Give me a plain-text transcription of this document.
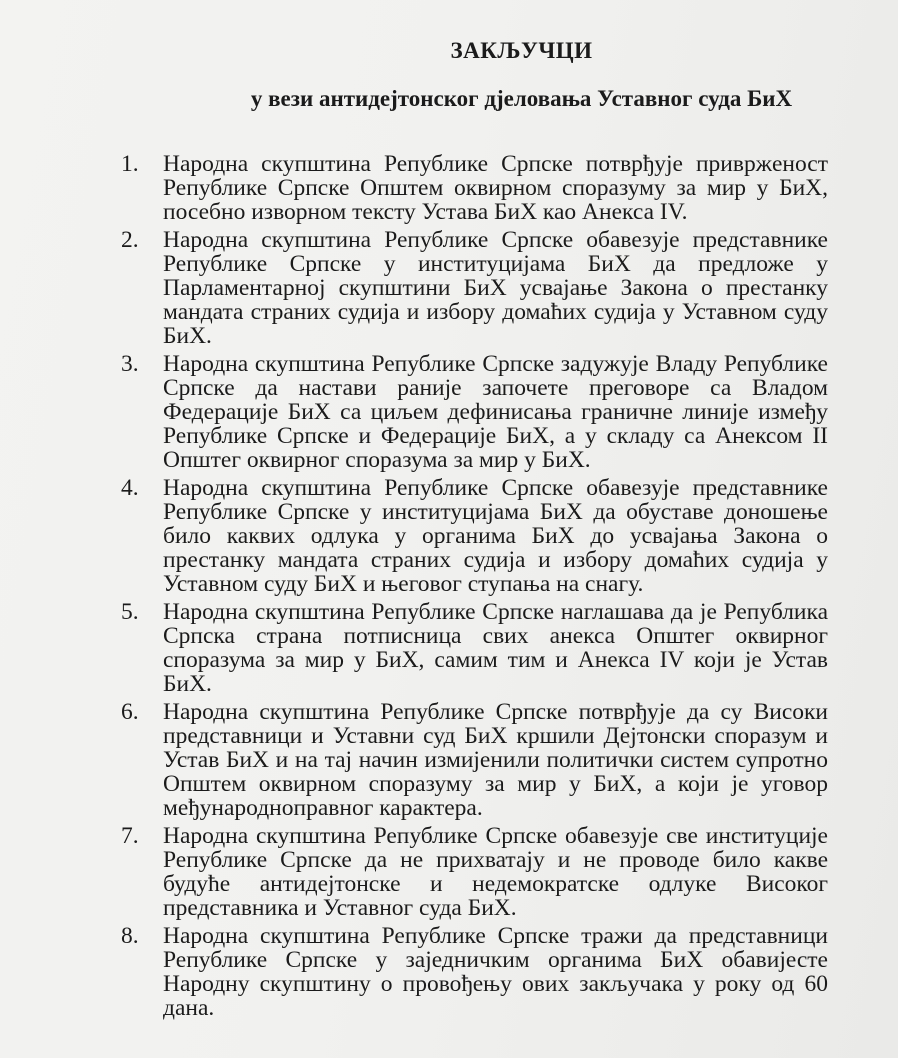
ЗАКЉУЧЦИ
у вези антидејтонског дјеловања Уставног суда БиХ
1.	Народна скупштина Републике Српске потврђује привржeност Републике Српске Општем оквирном споразуму за мир у БиХ, посебно изворном тексту Устава БиХ као Анекса IV.
2.	Народна скупштина Републике Српске обавезује представнике Републике Српске у институцијама БиХ да предложе у Парламентарној скупштини БиХ усвајање Закона о престанку мандата страних судија и избору домаћих судија у Уставном суду БиХ.
3.	Народна скупштина Републике Српске задужује Владу Републике Српске да настави раније започете преговоре са Владом Федерације БиХ са циљем дефинисања граничне линије између Републике Српске и Федерације БиХ, а у складу са Анексом II Општег оквирног споразума за мир у БиХ.
4.	Народна скупштина Републике Српске обавезује представнике Републике Српске у институцијама БиХ да обуставе доношење било каквих одлука у органима БиХ до усвајања Закона о престанку мандата страних судија и избору домаћих судија у Уставном суду БиХ и његовог ступања на снагу.
5.	Народна скупштина Републике Српске наглашава да је Република Српска страна потписница свих анекса Општег оквирног споразума за мир у БиХ, самим тим и Анекса IV који је Устав БиХ.
6.	Народна скупштина Републике Српске потврђује да су Високи представници и Уставни суд БиХ кршили Дејтонски споразум и Устав БиХ и на тај начин измијенили политички систем супротно Општем оквирном споразуму за мир у БиХ, а који је уговор међународноправног карактера.
7.	Народна скупштина Републике Српске обавезује све институције Републике Српске да не прихватају и не проводе било какве будуће антидејтонске и недемократске одлуке Високог представника и Уставног суда БиХ.
8.	Народна скупштина Републике Српске тражи да представници Републике Српске у заједничким органима БиХ обавијесте Народну скупштину о провођењу ових закључака у року од 60 дана.
